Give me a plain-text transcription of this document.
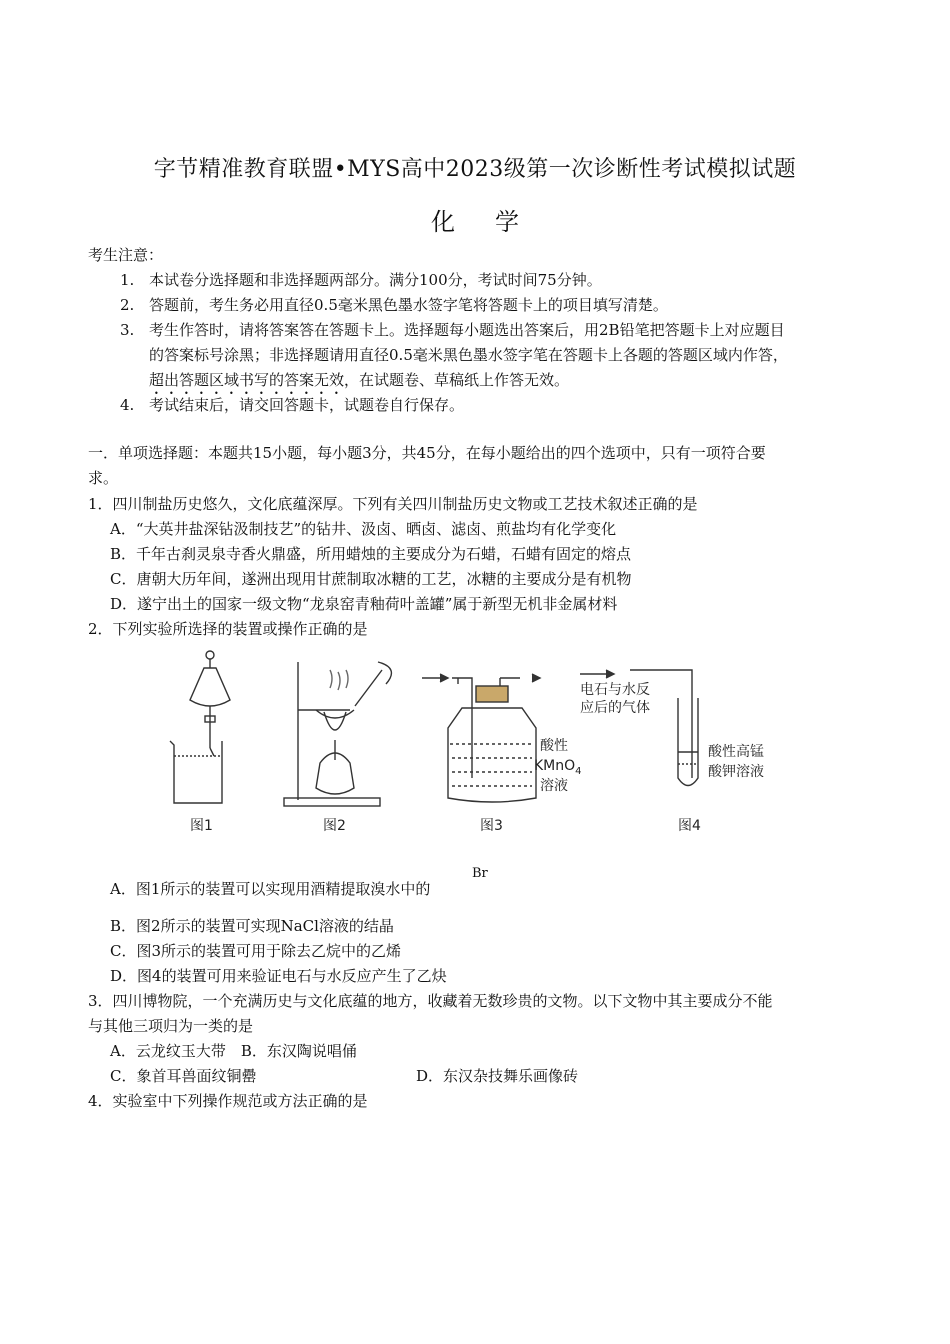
字节精准教育联盟•MYS高中2023级第一次诊断性考试模拟试题
化学
考生注意：
1. 本试卷分选择题和非选择题两部分。满分100分，考试时间75分钟。
2. 答题前，考生务必用直径0.5毫米黑色墨水签字笔将答题卡上的项目填写清楚。
3. 考生作答时，请将答案答在答题卡上。选择题每小题选出答案后，用2B铅笔把答题卡上对应题目
的答案标号涂黑；非选择题请用直径0.5毫米黑色墨水签字笔在答题卡上各题的答题区域内作答，
超出答题区域书写的答案无效，在试题卷、草稿纸上作答无效。
4. 考试结束后，请交回答题卡，试题卷自行保存。
一．单项选择题：本题共15小题，每小题3分，共45分，在每小题给出的四个选项中，只有一项符合要
求。
1．四川制盐历史悠久，文化底蕴深厚。下列有关四川制盐历史文物或工艺技术叙述正确的是
A．“大英井盐深钻汲制技艺”的钻井、汲卤、晒卤、滤卤、煎盐均有化学变化
B．千年古刹灵泉寺香火鼎盛，所用蜡烛的主要成分为石蜡，石蜡有固定的熔点
C．唐朝大历年间，遂洲出现用甘蔗制取冰糖的工艺，冰糖的主要成分是有机物
D．遂宁出土的国家一级文物“龙泉窑青釉荷叶盖罐”属于新型无机非金属材料
2．下列实验所选择的装置或操作正确的是
图1	图2	图3	图4
酸性
KMnO$_4$
溶液
电石与水反
应后的气体
酸性高锰
酸钾溶液
A．图1所示的装置可以实现用酒精提取溴水中的
Br
B．图2所示的装置可实现NaCl溶液的结晶
C．图3所示的装置可用于除去乙烷中的乙烯
D．图4的装置可用来验证电石与水反应产生了乙炔
3．四川博物院，一个充满历史与文化底蕴的地方，收藏着无数珍贵的文物。以下文物中其主要成分不能
与其他三项归为一类的是
A．云龙纹玉大带　B．东汉陶说唱俑
C．象首耳兽面纹铜罍	D．东汉杂技舞乐画像砖
4．实验室中下列操作规范或方法正确的是
